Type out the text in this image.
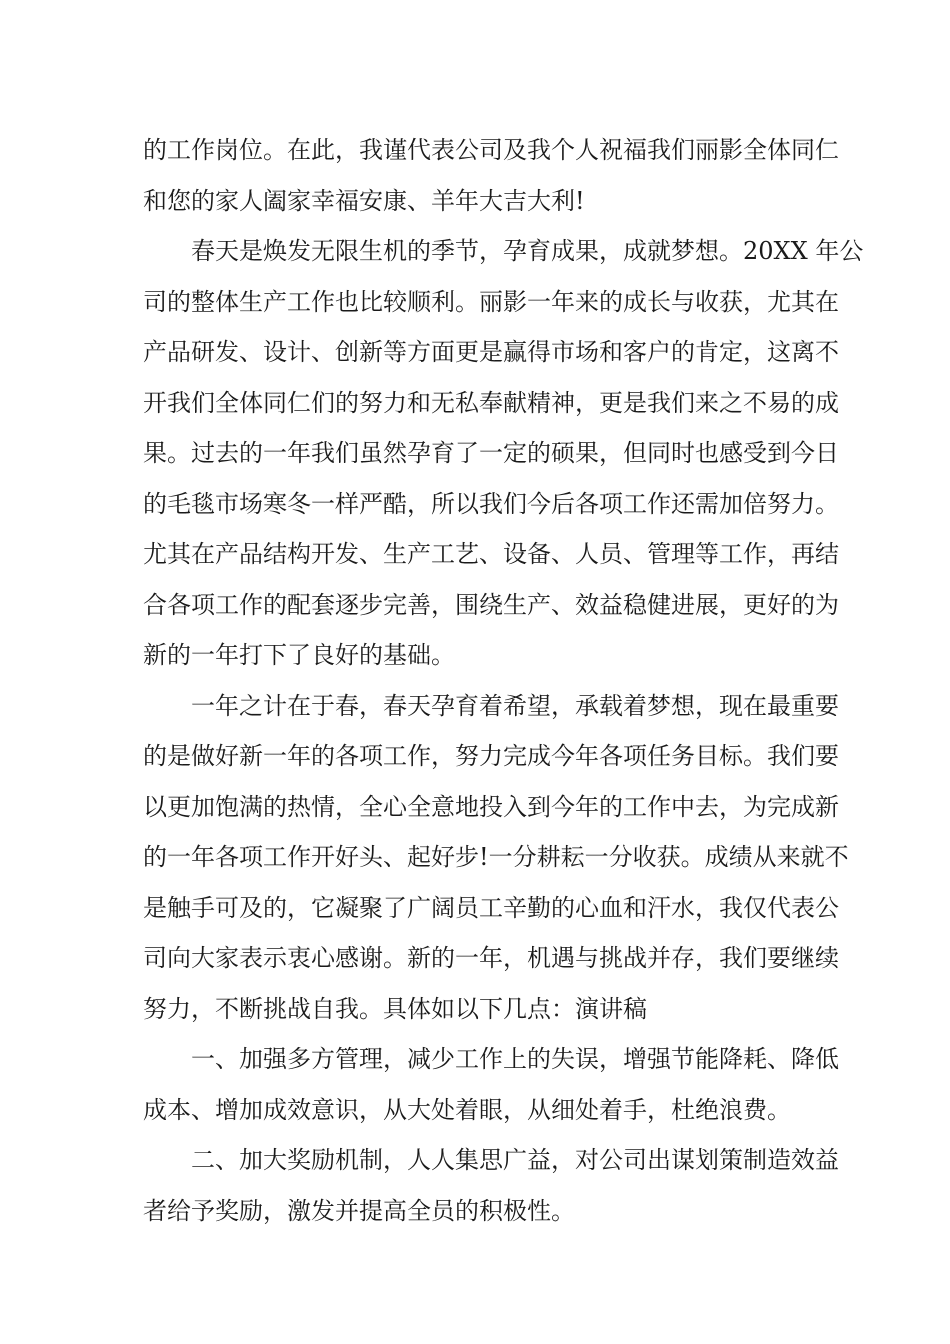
的工作岗位。在此，我谨代表公司及我个人祝福我们丽影全体同仁
和您的家人阖家幸福安康、羊年大吉大利!
春天是焕发无限生机的季节，孕育成果，成就梦想。20XX 年公
司的整体生产工作也比较顺利。丽影一年来的成长与收获，尤其在
产品研发、设计、创新等方面更是赢得市场和客户的肯定，这离不
开我们全体同仁们的努力和无私奉献精神，更是我们来之不易的成
果。过去的一年我们虽然孕育了一定的硕果，但同时也感受到今日
的毛毯市场寒冬一样严酷，所以我们今后各项工作还需加倍努力。
尤其在产品结构开发、生产工艺、设备、人员、管理等工作，再结
合各项工作的配套逐步完善，围绕生产、效益稳健进展，更好的为
新的一年打下了良好的基础。
一年之计在于春，春天孕育着希望，承载着梦想，现在最重要
的是做好新一年的各项工作，努力完成今年各项任务目标。我们要
以更加饱满的热情，全心全意地投入到今年的工作中去，为完成新
的一年各项工作开好头、起好步!一分耕耘一分收获。成绩从来就不
是触手可及的，它凝聚了广阔员工辛勤的心血和汗水，我仅代表公
司向大家表示衷心感谢。新的一年，机遇与挑战并存，我们要继续
努力，不断挑战自我。具体如以下几点：演讲稿
一、加强多方管理，减少工作上的失误，增强节能降耗、降低
成本、增加成效意识，从大处着眼，从细处着手，杜绝浪费。
二、加大奖励机制，人人集思广益，对公司出谋划策制造效益
者给予奖励，激发并提高全员的积极性。
